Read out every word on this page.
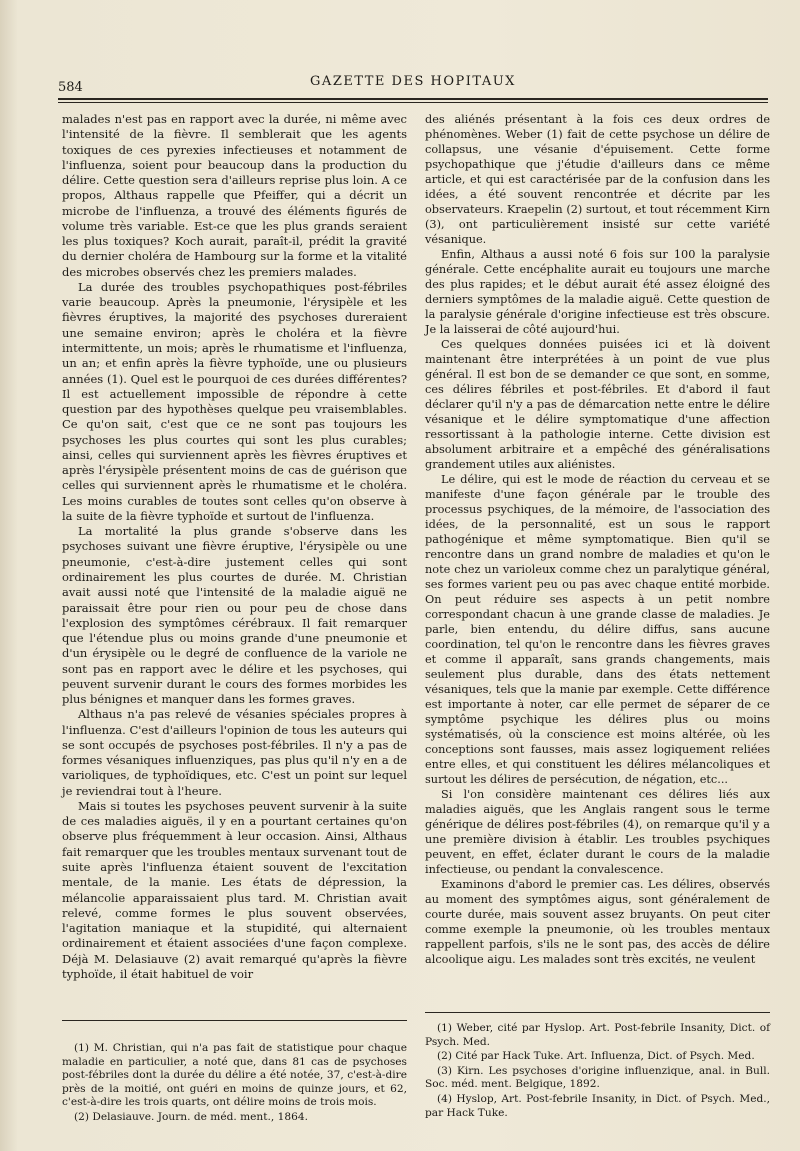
584	GAZETTE DES HOPITAUX

malades n'est pas en rapport avec la durée, ni même avec l'intensité de la fièvre. Il semblerait que les agents toxiques de ces pyrexies infectieuses et notamment de l'influenza, soient pour beaucoup dans la production du délire. Cette question sera d'ailleurs reprise plus loin. A ce propos, Althaus rappelle que Pfeiffer, qui a décrit un microbe de l'influenza, a trouvé des éléments figurés de volume très variable. Est-ce que les plus grands seraient les plus toxiques? Koch aurait, paraît-il, prédit la gravité du dernier choléra de Hambourg sur la forme et la vitalité des microbes observés chez les premiers malades.

La durée des troubles psychopathiques post-fébriles varie beaucoup. Après la pneumonie, l'érysipèle et les fièvres éruptives, la majorité des psychoses dureraient une semaine environ; après le choléra et la fièvre intermittente, un mois; après le rhumatisme et l'influenza, un an; et enfin après la fièvre typhoïde, une ou plusieurs années (1). Quel est le pourquoi de ces durées différentes? Il est actuellement impossible de répondre à cette question par des hypothèses quelque peu vraisemblables. Ce qu'on sait, c'est que ce ne sont pas toujours les psychoses les plus courtes qui sont les plus curables; ainsi, celles qui surviennent après les fièvres éruptives et après l'érysipèle présentent moins de cas de guérison que celles qui surviennent après le rhumatisme et le choléra. Les moins curables de toutes sont celles qu'on observe à la suite de la fièvre typhoïde et surtout de l'influenza.

La mortalité la plus grande s'observe dans les psychoses suivant une fièvre éruptive, l'érysipèle ou une pneumonie, c'est-à-dire justement celles qui sont ordinairement les plus courtes de durée. M. Christian avait aussi noté que l'intensité de la maladie aiguë ne paraissait être pour rien ou pour peu de chose dans l'explosion des symptômes cérébraux. Il fait remarquer que l'étendue plus ou moins grande d'une pneumonie et d'un érysipèle ou le degré de confluence de la variole ne sont pas en rapport avec le délire et les psychoses, qui peuvent survenir durant le cours des formes morbides les plus bénignes et manquer dans les formes graves.

Althaus n'a pas relevé de vésanies spéciales propres à l'influenza. C'est d'ailleurs l'opinion de tous les auteurs qui se sont occupés de psychoses post-fébriles. Il n'y a pas de formes vésaniques influenziques, pas plus qu'il n'y en a de varioliques, de typhoïdiques, etc. C'est un point sur lequel je reviendrai tout à l'heure.

Mais si toutes les psychoses peuvent survenir à la suite de ces maladies aiguës, il y en a pourtant certaines qu'on observe plus fréquemment à leur occasion. Ainsi, Althaus fait remarquer que les troubles mentaux survenant tout de suite après l'influenza étaient souvent de l'excitation mentale, de la manie. Les états de dépression, la mélancolie apparaissaient plus tard. M. Christian avait relevé, comme formes le plus souvent observées, l'agitation maniaque et la stupidité, qui alternaient ordinairement et étaient associées d'une façon complexe. Déjà M. Delasiauve (2) avait remarqué qu'après la fièvre typhoïde, il était habituel de voir

des aliénés présentant à la fois ces deux ordres de phénomènes. Weber (1) fait de cette psychose un délire de collapsus, une vésanie d'épuisement. Cette forme psychopathique que j'étudie d'ailleurs dans ce même article, et qui est caractérisée par de la confusion dans les idées, a été souvent rencontrée et décrite par les observateurs. Kraepelin (2) surtout, et tout récemment Kirn (3), ont particulièrement insisté sur cette variété vésanique.

Enfin, Althaus a aussi noté 6 fois sur 100 la paralysie générale. Cette encéphalite aurait eu toujours une marche des plus rapides; et le début aurait été assez éloigné des derniers symptômes de la maladie aiguë. Cette question de la paralysie générale d'origine infectieuse est très obscure. Je la laisserai de côté aujourd'hui.

Ces quelques données puisées ici et là doivent maintenant être interprétées à un point de vue plus général. Il est bon de se demander ce que sont, en somme, ces délires fébriles et post-fébriles. Et d'abord il faut déclarer qu'il n'y a pas de démarcation nette entre le délire vésanique et le délire symptomatique d'une affection ressortissant à la pathologie interne. Cette division est absolument arbitraire et a empêché des généralisations grandement utiles aux aliénistes.

Le délire, qui est le mode de réaction du cerveau et se manifeste d'une façon générale par le trouble des processus psychiques, de la mémoire, de l'association des idées, de la personnalité, est un sous le rapport pathogénique et même symptomatique. Bien qu'il se rencontre dans un grand nombre de maladies et qu'on le note chez un varioleux comme chez un paralytique général, ses formes varient peu ou pas avec chaque entité morbide. On peut réduire ses aspects à un petit nombre correspondant chacun à une grande classe de maladies. Je parle, bien entendu, du délire diffus, sans aucune coordination, tel qu'on le rencontre dans les fièvres graves et comme il apparaît, sans grands changements, mais seulement plus durable, dans des états nettement vésaniques, tels que la manie par exemple. Cette différence est importante à noter, car elle permet de séparer de ce symptôme psychique les délires plus ou moins systématisés, où la conscience est moins altérée, où les conceptions sont fausses, mais assez logiquement reliées entre elles, et qui constituent les délires mélancoliques et surtout les délires de persécution, de négation, etc...

Si l'on considère maintenant ces délires liés aux maladies aiguës, que les Anglais rangent sous le terme générique de délires post-fébriles (4), on remarque qu'il y a une première division à établir. Les troubles psychiques peuvent, en effet, éclater durant le cours de la maladie infectieuse, ou pendant la convalescence.

Examinons d'abord le premier cas. Les délires, observés au moment des symptômes aigus, sont généralement de courte durée, mais souvent assez bruyants. On peut citer comme exemple la pneumonie, où les troubles mentaux rappellent parfois, s'ils ne le sont pas, des accès de délire alcoolique aigu. Les malades sont très excités, ne veulent

(1) M. Christian, qui n'a pas fait de statistique pour chaque maladie en particulier, a noté que, dans 81 cas de psychoses post-fébriles dont la durée du délire a été notée, 37, c'est-à-dire près de la moitié, ont guéri en moins de quinze jours, et 62, c'est-à-dire les trois quarts, ont délire moins de trois mois.

(2) Delasiauve. Journ. de méd. ment., 1864.

(1) Weber, cité par Hyslop. Art. Post-febrile Insanity, Dict. of Psych. Med.

(2) Cité par Hack Tuke. Art. Influenza, Dict. of Psych. Med.

(3) Kirn. Les psychoses d'origine influenzique, anal. in Bull. Soc. méd. ment. Belgique, 1892.

(4) Hyslop, Art. Post-febrile Insanity, in Dict. of Psych. Med., par Hack Tuke.
